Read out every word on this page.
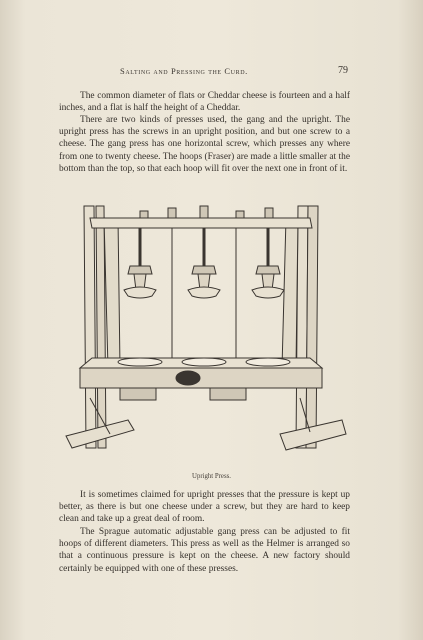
Salting and Pressing the Curd.	79

The common diameter of flats or Cheddar cheese is fourteen and a half inches, and a flat is half the height of a Cheddar.

There are two kinds of presses used, the gang and the upright. The upright press has the screws in an upright position, and but one screw to a cheese. The gang press has one horizontal screw, which presses any where from one to twenty cheese. The hoops (Fraser) are made a little smaller at the bottom than the top, so that each hoop will fit over the next one in front of it.

Upright Press.

It is sometimes claimed for upright presses that the pressure is kept up better, as there is but one cheese under a screw, but they are hard to keep clean and take up a great deal of room.

The Sprague automatic adjustable gang press can be adjusted to fit hoops of different diameters. This press as well as the Helmer is arranged so that a continuous pressure is kept on the cheese. A new factory should certainly be equipped with one of these presses.
